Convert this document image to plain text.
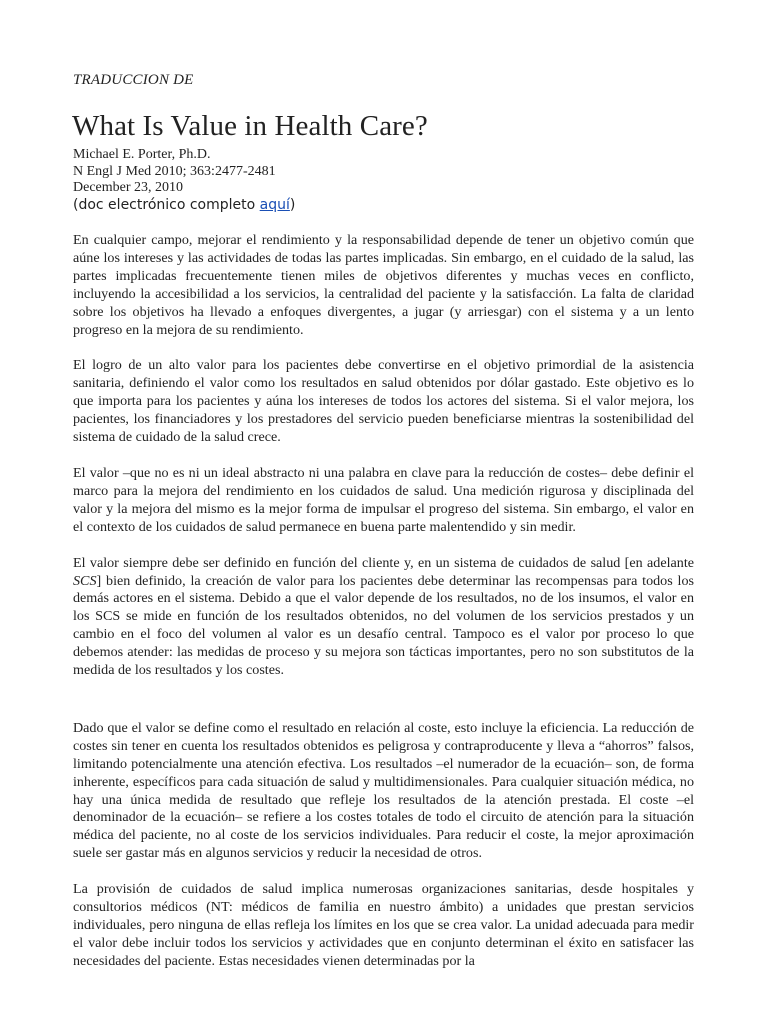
TRADUCCION DE
What Is Value in Health Care?
Michael E. Porter, Ph.D.
N Engl J Med 2010; 363:2477-2481
December 23, 2010
(doc electrónico completo aquí)

En cualquier campo, mejorar el rendimiento y la responsabilidad depende de tener un objetivo común que aúne los intereses y las actividades de todas las partes implicadas. Sin embargo, en el cuidado de la salud, las partes implicadas frecuentemente tienen miles de objetivos diferentes y muchas veces en conflicto, incluyendo la accesibilidad a los servicios, la centralidad del paciente y la satisfacción. La falta de claridad sobre los objetivos ha llevado a enfoques divergentes, a jugar (y arriesgar) con el sistema y a un lento progreso en la mejora de su rendimiento.

El logro de un alto valor para los pacientes debe convertirse en el objetivo primordial de la asistencia sanitaria, definiendo el valor como los resultados en salud obtenidos por dólar gastado. Este objetivo es lo que importa para los pacientes y aúna los intereses de todos los actores del sistema. Si el valor mejora, los pacientes, los financiadores y los prestadores del servicio pueden beneficiarse mientras la sostenibilidad del sistema de cuidado de la salud crece.

El valor –que no es ni un ideal abstracto ni una palabra en clave para la reducción de costes– debe definir el marco para la mejora del rendimiento en los cuidados de salud. Una medición rigurosa y disciplinada del valor y la mejora del mismo es la mejor forma de impulsar el progreso del sistema. Sin embargo, el valor en el contexto de los cuidados de salud permanece en buena parte malentendido y sin medir.

El valor siempre debe ser definido en función del cliente y, en un sistema de cuidados de salud [en adelante SCS] bien definido, la creación de valor para los pacientes debe determinar las recompensas para todos los demás actores en el sistema. Debido a que el valor depende de los resultados, no de los insumos, el valor en los SCS se mide en función de los resultados obtenidos, no del volumen de los servicios prestados y un cambio en el foco del volumen al valor es un desafío central. Tampoco es el valor por proceso lo que debemos atender: las medidas de proceso y su mejora son tácticas importantes, pero no son substitutos de la medida de los resultados y los costes.

Dado que el valor se define como el resultado en relación al coste, esto incluye la eficiencia. La reducción de costes sin tener en cuenta los resultados obtenidos es peligrosa y contraproducente y lleva a “ahorros” falsos, limitando potencialmente una atención efectiva. Los resultados –el numerador de la ecuación– son, de forma inherente, específicos para cada situación de salud y multidimensionales. Para cualquier situación médica, no hay una única medida de resultado que refleje los resultados de la atención prestada. El coste –el denominador de la ecuación– se refiere a los costes totales de todo el circuito de atención para la situación médica del paciente, no al coste de los servicios individuales. Para reducir el coste, la mejor aproximación suele ser gastar más en algunos servicios y reducir la necesidad de otros.

La provisión de cuidados de salud implica numerosas organizaciones sanitarias, desde hospitales y consultorios médicos (NT: médicos de familia en nuestro ámbito) a unidades que prestan servicios individuales, pero ninguna de ellas refleja los límites en los que se crea valor. La unidad adecuada para medir el valor debe incluir todos los servicios y actividades que en conjunto determinan el éxito en satisfacer las necesidades del paciente. Estas necesidades vienen determinadas por la
